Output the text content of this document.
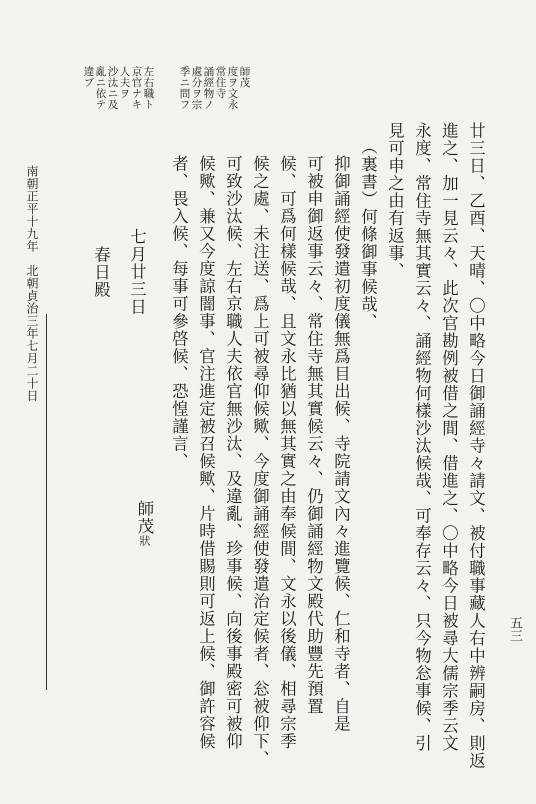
南朝正平十九年北朝貞治三年七月二十日
五三
師茂
度ヲ文永
常住寺
誦經物ノ
處分ヲ宗
季ニ問フ
左右職ト
京官ナキ
人夫ヲ
沙汰ニ及
亂ニ依テ
違ブ
廿三日、乙酉、天晴、〇中略今日御誦經寺々請文、被付職事藏人右中辨嗣房、則返
進之、加一見云々、此次官勘例被借之間、借進之、〇中略今日被尋大儒宗季云文
永度、常住寺無其實云々、誦經物何樣沙汰候哉、可奉存云々、只今物忩事候、引
見可申之由有返事、
（裏書）何條御事候哉、
抑御誦經使發遣初度儀無爲目出候、寺院請文內々進覽候、仁和寺者、自是
可被申御返事云々、常住寺無其實候云々、仍御誦經物文殿代助豐先預置
候、可爲何樣候哉、且文永比猶以無其實之由奉候間、文永以後儀、相尋宗季
候之處、未注送、爲上可被尋仰候歟、今度御誦經使發遣治定候者、忩被仰下、
可致沙汰候、左右京職人夫依官無沙汰、及違亂、珍事候、向後事殿密可被仰
候歟、兼又今度諒闇事、官注進定被召候歟、片時借賜則可返上候、御許容候
者、畏入候、每事可參啓候、恐惶謹言、
七月廿三日
春日殿
師茂狀
